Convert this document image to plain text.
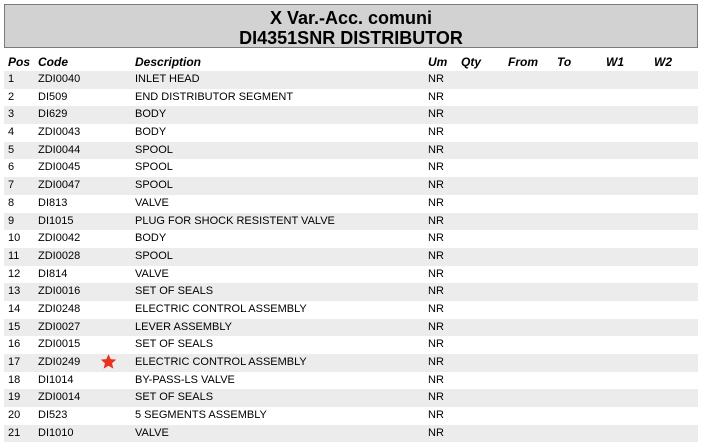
X Var.-Acc. comuni
DI4351SNR DISTRIBUTOR
Pos Code	Description	Um Qty From To	W1	W2
1 ZDI0040	INLET HEAD	NR
2 DI509	END DISTRIBUTOR SEGMENT	NR
3 DI629	BODY	NR
4 ZDI0043	BODY	NR
5 ZDI0044	SPOOL	NR
6 ZDI0045	SPOOL	NR
7 ZDI0047	SPOOL	NR
8 DI813	VALVE	NR
9 DI1015	PLUG FOR SHOCK RESISTENT VALVE	NR
10 ZDI0042	BODY	NR
11 ZDI0028	SPOOL	NR
12 DI814	VALVE	NR
13 ZDI0016	SET OF SEALS	NR
14 ZDI0248	ELECTRIC CONTROL ASSEMBLY	NR
15 ZDI0027	LEVER ASSEMBLY	NR
16 ZDI0015	SET OF SEALS	NR
17 ZDI0249	ELECTRIC CONTROL ASSEMBLY	NR
18 DI1014	BY-PASS-LS VALVE	NR
19 ZDI0014	SET OF SEALS	NR
20 DI523	5 SEGMENTS ASSEMBLY	NR
21 DI1010	VALVE	NR
